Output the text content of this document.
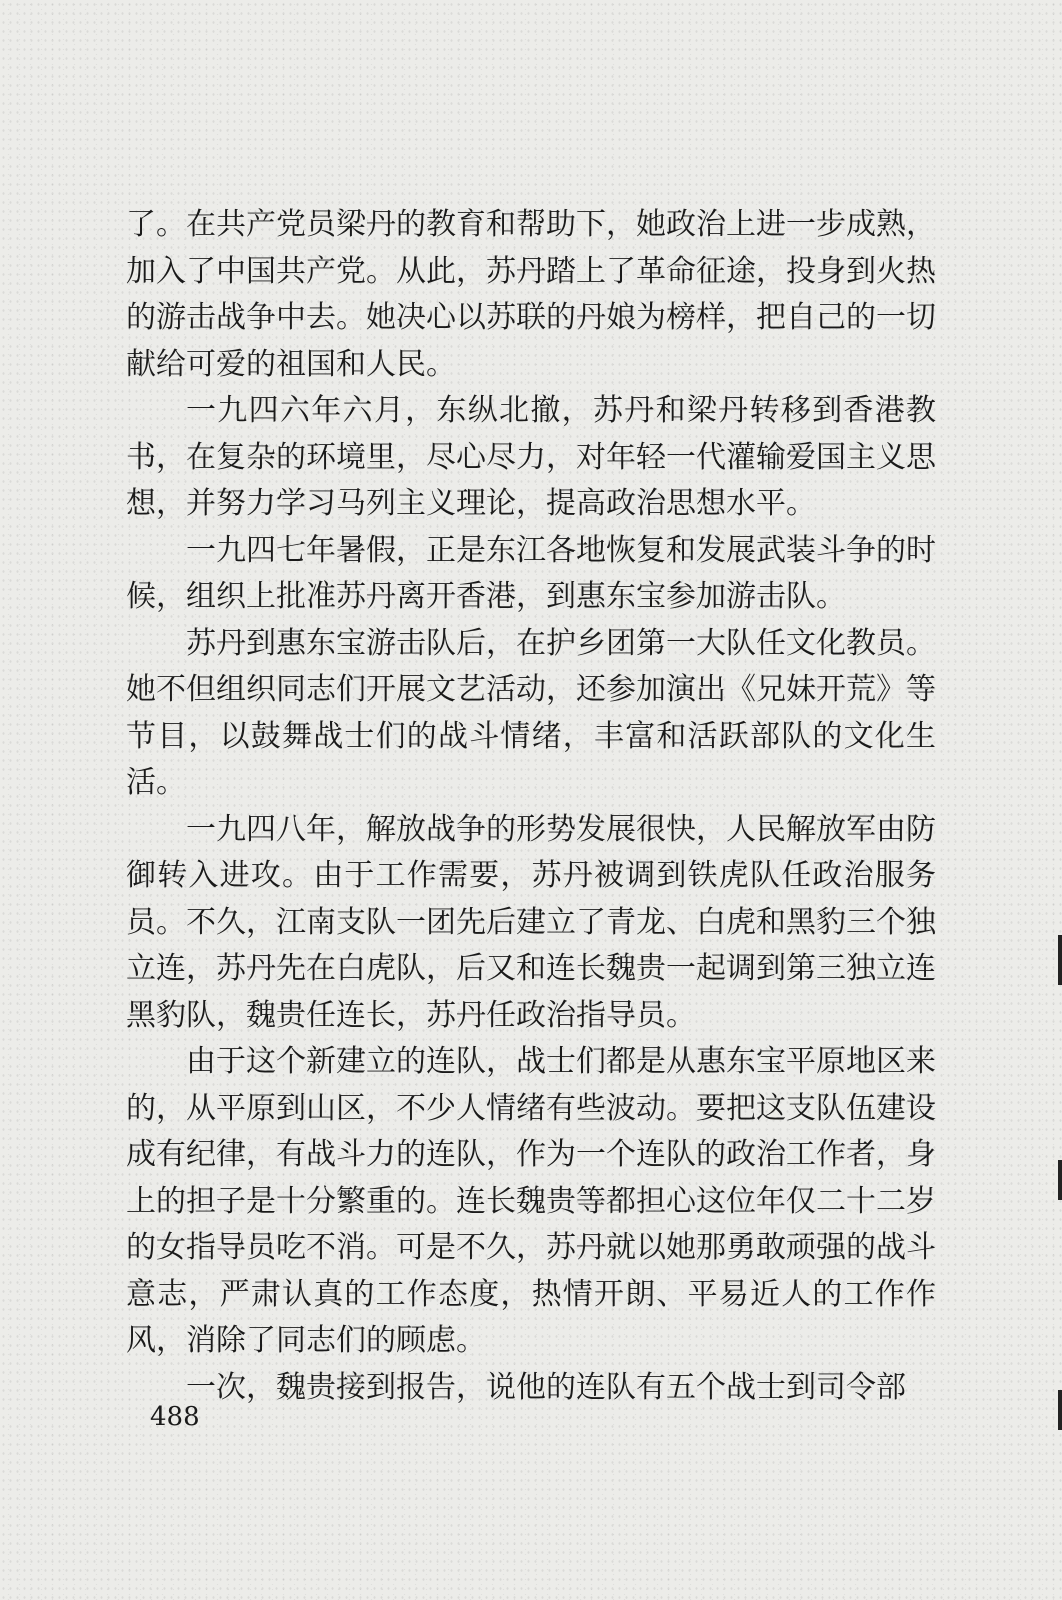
了。在共产党员梁丹的教育和帮助下，她政治上进一步成熟，加入了中国共产党。从此，苏丹踏上了革命征途，投身到火热的游击战争中去。她决心以苏联的丹娘为榜样，把自己的一切献给可爱的祖国和人民。

一九四六年六月，东纵北撤，苏丹和梁丹转移到香港教书，在复杂的环境里，尽心尽力，对年轻一代灌输爱国主义思想，并努力学习马列主义理论，提高政治思想水平。

一九四七年暑假，正是东江各地恢复和发展武装斗争的时候，组织上批准苏丹离开香港，到惠东宝参加游击队。

苏丹到惠东宝游击队后，在护乡团第一大队任文化教员。她不但组织同志们开展文艺活动，还参加演出《兄妹开荒》等节目，以鼓舞战士们的战斗情绪，丰富和活跃部队的文化生活。

一九四八年，解放战争的形势发展很快，人民解放军由防御转入进攻。由于工作需要，苏丹被调到铁虎队任政治服务员。不久，江南支队一团先后建立了青龙、白虎和黑豹三个独立连，苏丹先在白虎队，后又和连长魏贵一起调到第三独立连黑豹队，魏贵任连长，苏丹任政治指导员。

由于这个新建立的连队，战士们都是从惠东宝平原地区来的，从平原到山区，不少人情绪有些波动。要把这支队伍建设成有纪律，有战斗力的连队，作为一个连队的政治工作者，身上的担子是十分繁重的。连长魏贵等都担心这位年仅二十二岁的女指导员吃不消。可是不久，苏丹就以她那勇敢顽强的战斗意志，严肃认真的工作态度，热情开朗、平易近人的工作作风，消除了同志们的顾虑。

一次，魏贵接到报告，说他的连队有五个战士到司令部

488
